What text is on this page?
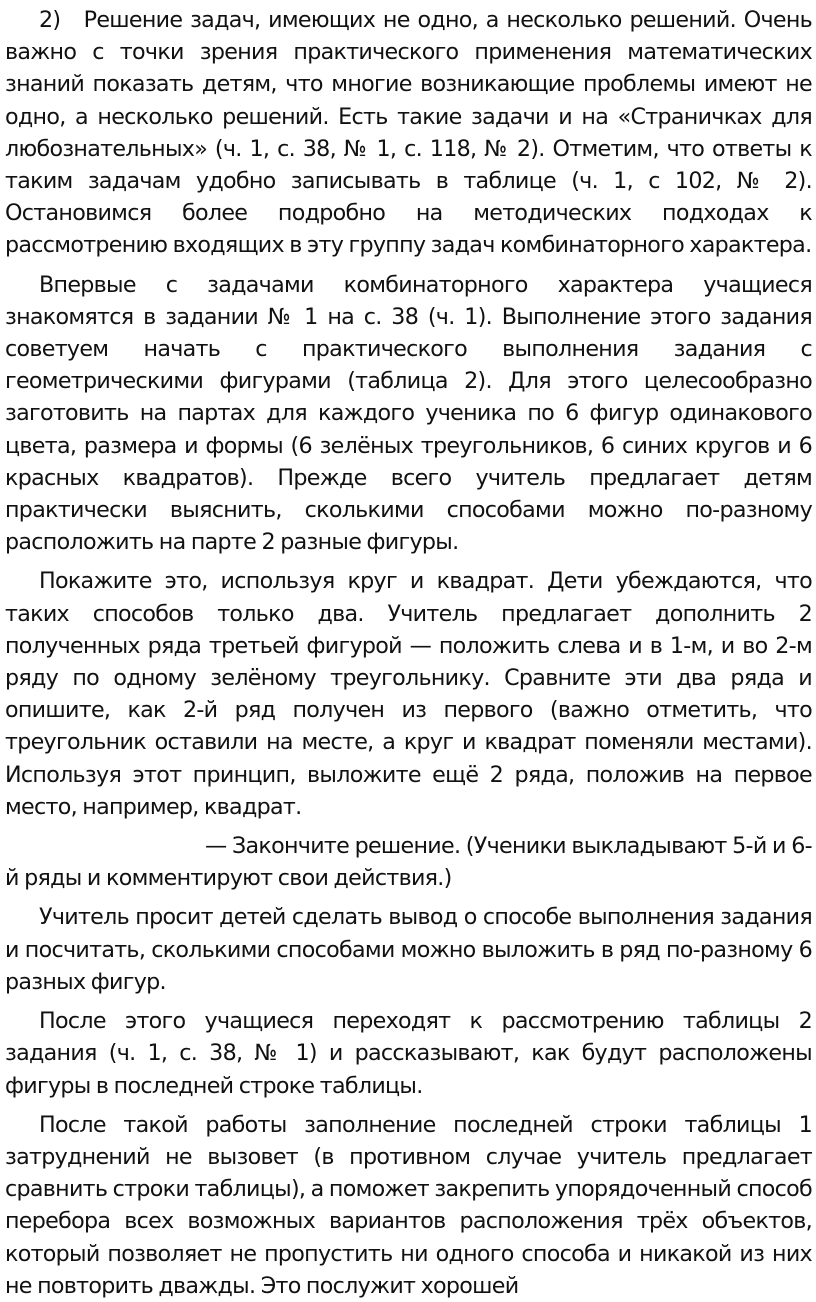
2)   Решение задач, имеющих не одно, а несколько решений. Очень важно с точки зрения практического применения математических знаний показать детям, что многие возникающие проблемы имеют не одно, а несколько решений. Есть такие задачи и на «Страничках для любознательных» (ч. 1, с. 38, № 1, с. 118, № 2). Отметим, что ответы к таким задачам удобно записывать в таблице (ч. 1, с 102, № 2). Остановимся более подробно на методических подходах к рассмотрению входящих в эту группу задач комбинаторного характера.

Впервые с задачами комбинаторного характера учащиеся знакомятся в задании № 1 на с. 38 (ч. 1). Выполнение этого задания советуем начать с практического выполнения задания с геометрическими фигурами (таблица 2). Для этого целесообразно заготовить на партах для каждого ученика по 6 фигур одинакового цвета, размера и формы (6 зелёных треугольников, 6 синих кругов и 6 красных квадратов). Прежде всего учитель предлагает детям практически выяснить, сколькими способами можно по-разному расположить на парте 2 разные фигуры.

Покажите это, используя круг и квадрат. Дети убеждаются, что таких способов только два. Учитель предлагает дополнить 2 полученных ряда третьей фигурой — положить слева и в 1-м, и во 2-м ряду по одному зелёному треугольнику. Сравните эти два ряда и опишите, как 2-й ряд получен из первого (важно отметить, что треугольник оставили на месте, а круг и квадрат поменяли местами). Используя этот принцип, выложите ещё 2 ряда, положив на первое место, например, квадрат.

— Закончите решение. (Ученики выкладывают 5-й и 6-й ряды и комментируют свои действия.)

Учитель просит детей сделать вывод о способе выполнения задания и посчитать, сколькими способами можно выложить в ряд по-разному 6 разных фигур.

После этого учащиеся переходят к рассмотрению таблицы 2 задания (ч. 1, с. 38, № 1) и рассказывают, как будут расположены фигуры в последней строке таблицы.

После такой работы заполнение последней строки таблицы 1 затруднений не вызовет (в противном случае учитель предлагает сравнить строки таблицы), а поможет закрепить упорядоченный способ перебора всех возможных вариантов расположения трёх объектов, который позволяет не пропустить ни одного способа и никакой из них не повторить дважды. Это послужит хорошей
